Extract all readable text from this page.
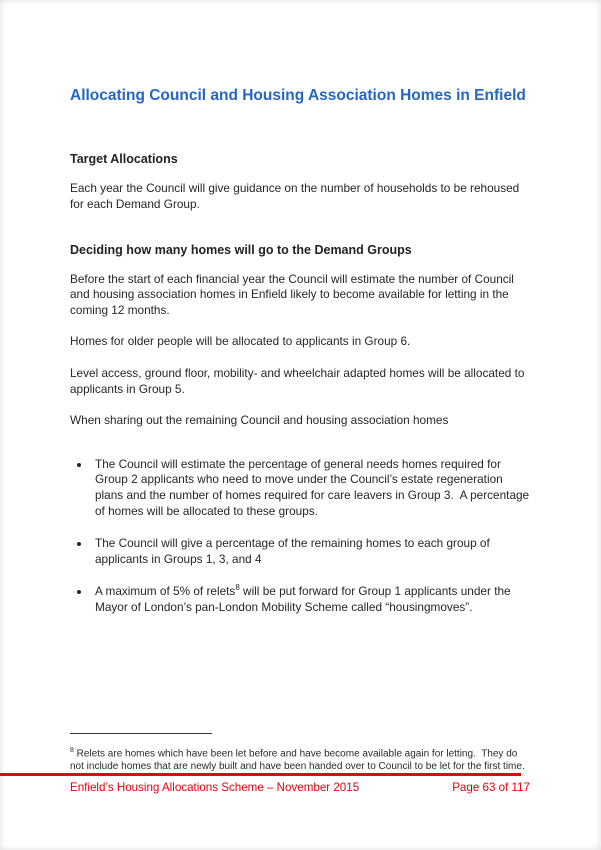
Allocating Council and Housing Association Homes in Enfield
Target Allocations

Each year the Council will give guidance on the number of households to be rehoused for each Demand Group.

Deciding how many homes will go to the Demand Groups

Before the start of each financial year the Council will estimate the number of Council and housing association homes in Enfield likely to become available for letting in the coming 12 months.

Homes for older people will be allocated to applicants in Group 6.

Level access, ground floor, mobility- and wheelchair adapted homes will be allocated to applicants in Group 5.

When sharing out the remaining Council and housing association homes

• The Council will estimate the percentage of general needs homes required for Group 2 applicants who need to move under the Council’s estate regeneration plans and the number of homes required for care leavers in Group 3.  A percentage of homes will be allocated to these groups.
• The Council will give a percentage of the remaining homes to each group of applicants in Groups 1, 3, and 4
• A maximum of 5% of relets$^8$ will be put forward for Group 1 applicants under the Mayor of London’s pan-London Mobility Scheme called “housingmoves”.

$^8$ Relets are homes which have been let before and have become available again for letting.  They do not include homes that are newly built and have been handed over to Council to be let for the first time.

Enfield’s Housing Allocations Scheme – November 2015	Page 63 of 117
